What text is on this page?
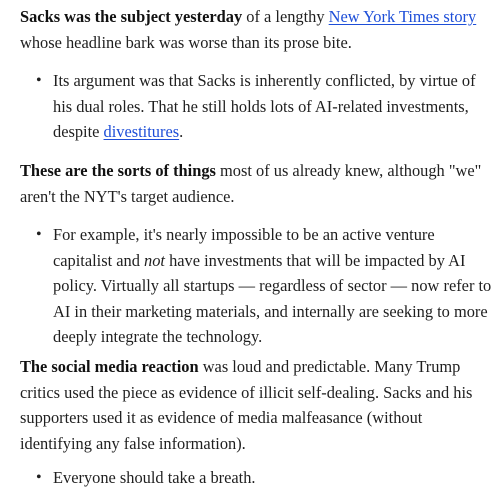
Sacks was the subject yesterday of a lengthy New York Times story whose headline bark was worse than its prose bite.

• Its argument was that Sacks is inherently conflicted, by virtue of his dual roles. That he still holds lots of AI-related investments, despite divestitures.

These are the sorts of things most of us already knew, although "we" aren't the NYT's target audience.

• For example, it's nearly impossible to be an active venture capitalist and not have investments that will be impacted by AI policy. Virtually all startups — regardless of sector — now refer to AI in their marketing materials, and internally are seeking to more deeply integrate the technology.

The social media reaction was loud and predictable. Many Trump critics used the piece as evidence of illicit self-dealing. Sacks and his supporters used it as evidence of media malfeasance (without identifying any false information).

• Everyone should take a breath.
